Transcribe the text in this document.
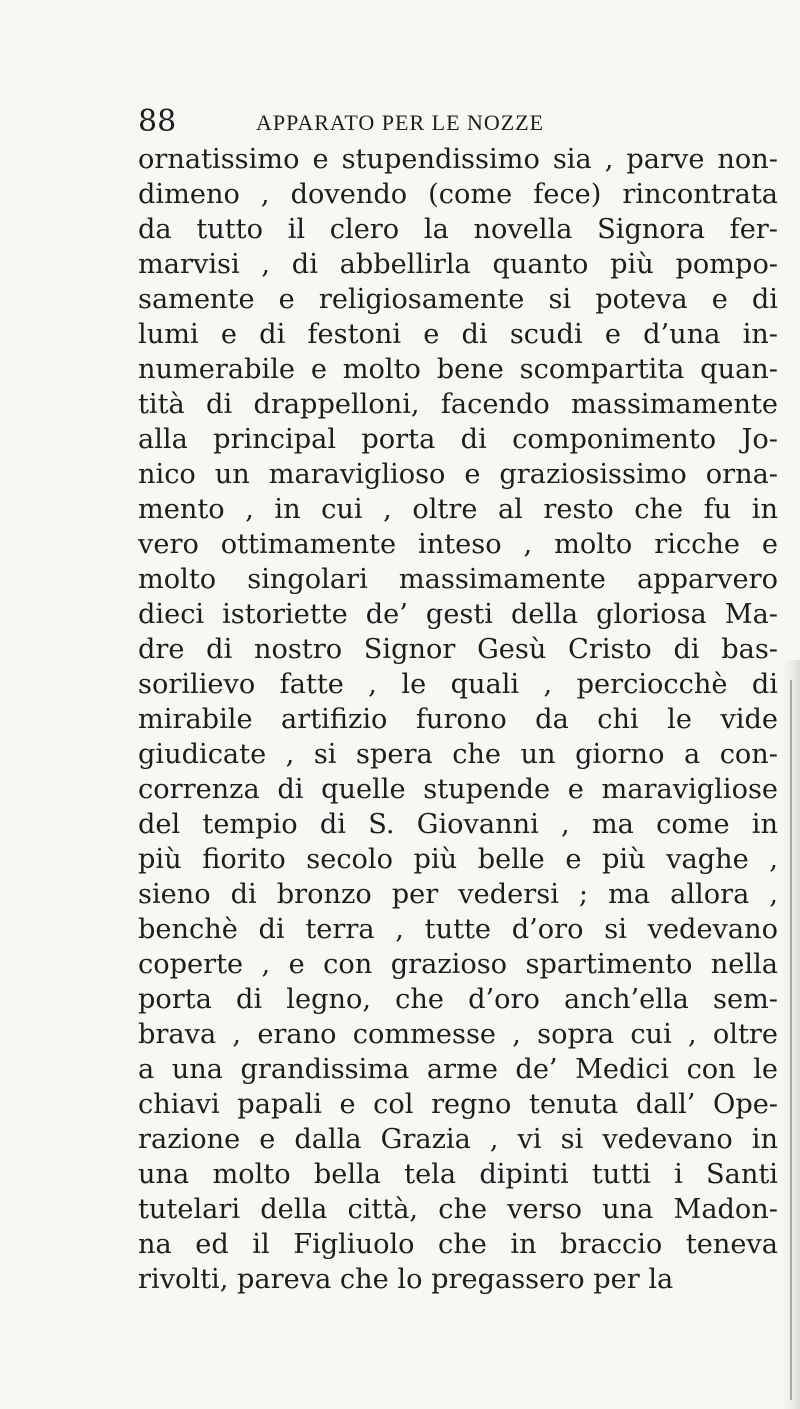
88	APPARATO PER LE NOZZE
ornatissimo e stupendissimo sia , parve non-
dimeno , dovendo (come fece) rincontrata
da tutto il clero la novella Signora fer-
marvisi , di abbellirla quanto più pompo-
samente e religiosamente si poteva e di
lumi e di festoni e di scudi e d’una in-
numerabile e molto bene scompartita quan-
tità di drappelloni, facendo massimamente
alla principal porta di componimento Jo-
nico un maraviglioso e graziosissimo orna-
mento , in cui , oltre al resto che fu in
vero ottimamente inteso , molto ricche e
molto singolari massimamente apparvero
dieci istoriette de’ gesti della gloriosa Ma-
dre di nostro Signor Gesù Cristo di bas-
sorilievo fatte , le quali , perciocchè di
mirabile artifizio furono da chi le vide
giudicate , si spera che un giorno a con-
correnza di quelle stupende e maravigliose
del tempio di S. Giovanni , ma come in
più fiorito secolo più belle e più vaghe ,
sieno di bronzo per vedersi ; ma allora ,
benchè di terra , tutte d’oro si vedevano
coperte , e con grazioso spartimento nella
porta di legno, che d’oro anch’ella sem-
brava , erano commesse , sopra cui , oltre
a una grandissima arme de’ Medici con le
chiavi papali e col regno tenuta dall’ Ope-
razione e dalla Grazia , vi si vedevano in
una molto bella tela dipinti tutti i Santi
tutelari della città, che verso una Madon-
na ed il Figliuolo che in braccio teneva
rivolti, pareva che lo pregassero per la
